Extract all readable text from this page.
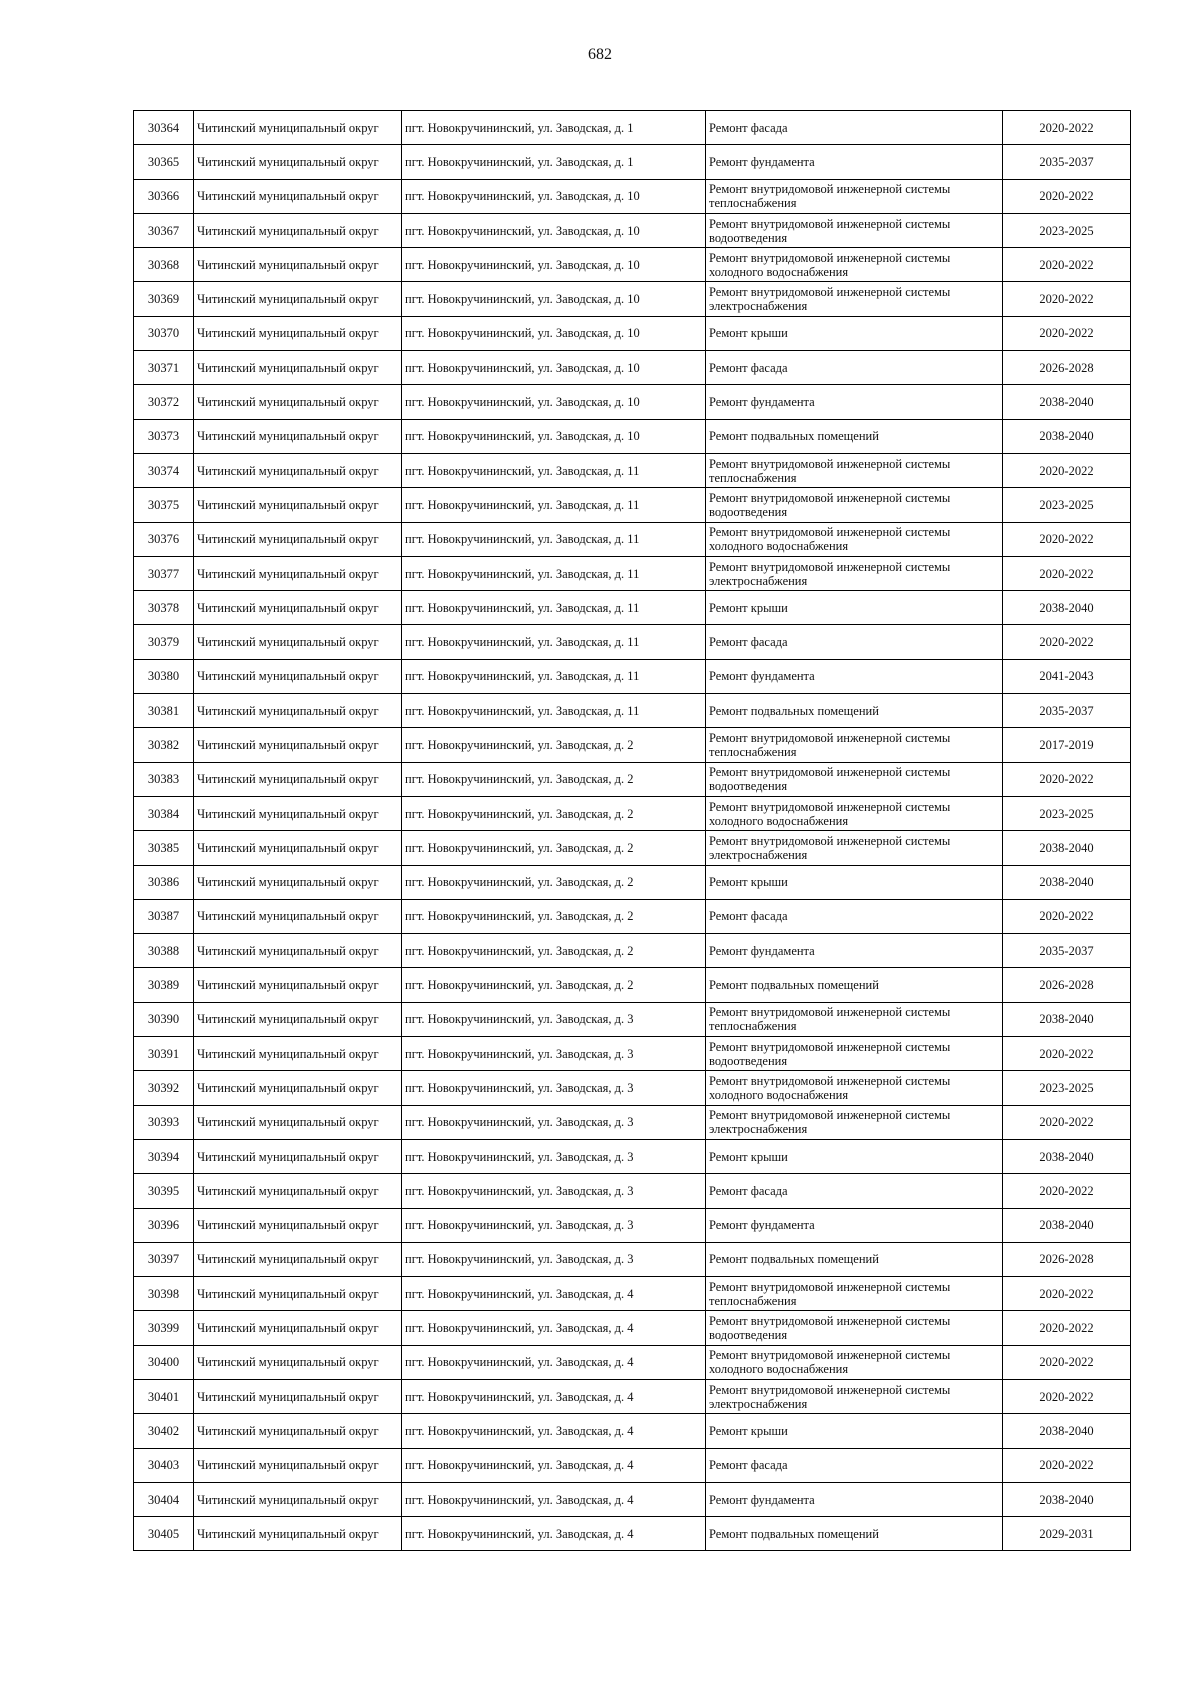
682
30364	Читинский муниципальный округ	пгт. Новокручининский, ул. Заводская, д. 1	Ремонт фасада	2020-2022
30365	Читинский муниципальный округ	пгт. Новокручининский, ул. Заводская, д. 1	Ремонт фундамента	2035-2037
30366	Читинский муниципальный округ	пгт. Новокручининский, ул. Заводская, д. 10	Ремонт внутридомовой инженерной системы теплоснабжения	2020-2022
30367	Читинский муниципальный округ	пгт. Новокручининский, ул. Заводская, д. 10	Ремонт внутридомовой инженерной системы водоотведения	2023-2025
30368	Читинский муниципальный округ	пгт. Новокручининский, ул. Заводская, д. 10	Ремонт внутридомовой инженерной системы холодного водоснабжения	2020-2022
30369	Читинский муниципальный округ	пгт. Новокручининский, ул. Заводская, д. 10	Ремонт внутридомовой инженерной системы электроснабжения	2020-2022
30370	Читинский муниципальный округ	пгт. Новокручининский, ул. Заводская, д. 10	Ремонт крыши	2020-2022
30371	Читинский муниципальный округ	пгт. Новокручининский, ул. Заводская, д. 10	Ремонт фасада	2026-2028
30372	Читинский муниципальный округ	пгт. Новокручининский, ул. Заводская, д. 10	Ремонт фундамента	2038-2040
30373	Читинский муниципальный округ	пгт. Новокручининский, ул. Заводская, д. 10	Ремонт подвальных помещений	2038-2040
30374	Читинский муниципальный округ	пгт. Новокручининский, ул. Заводская, д. 11	Ремонт внутридомовой инженерной системы теплоснабжения	2020-2022
30375	Читинский муниципальный округ	пгт. Новокручининский, ул. Заводская, д. 11	Ремонт внутридомовой инженерной системы водоотведения	2023-2025
30376	Читинский муниципальный округ	пгт. Новокручининский, ул. Заводская, д. 11	Ремонт внутридомовой инженерной системы холодного водоснабжения	2020-2022
30377	Читинский муниципальный округ	пгт. Новокручининский, ул. Заводская, д. 11	Ремонт внутридомовой инженерной системы электроснабжения	2020-2022
30378	Читинский муниципальный округ	пгт. Новокручининский, ул. Заводская, д. 11	Ремонт крыши	2038-2040
30379	Читинский муниципальный округ	пгт. Новокручининский, ул. Заводская, д. 11	Ремонт фасада	2020-2022
30380	Читинский муниципальный округ	пгт. Новокручининский, ул. Заводская, д. 11	Ремонт фундамента	2041-2043
30381	Читинский муниципальный округ	пгт. Новокручининский, ул. Заводская, д. 11	Ремонт подвальных помещений	2035-2037
30382	Читинский муниципальный округ	пгт. Новокручининский, ул. Заводская, д. 2	Ремонт внутридомовой инженерной системы теплоснабжения	2017-2019
30383	Читинский муниципальный округ	пгт. Новокручининский, ул. Заводская, д. 2	Ремонт внутридомовой инженерной системы водоотведения	2020-2022
30384	Читинский муниципальный округ	пгт. Новокручининский, ул. Заводская, д. 2	Ремонт внутридомовой инженерной системы холодного водоснабжения	2023-2025
30385	Читинский муниципальный округ	пгт. Новокручининский, ул. Заводская, д. 2	Ремонт внутридомовой инженерной системы электроснабжения	2038-2040
30386	Читинский муниципальный округ	пгт. Новокручининский, ул. Заводская, д. 2	Ремонт крыши	2038-2040
30387	Читинский муниципальный округ	пгт. Новокручининский, ул. Заводская, д. 2	Ремонт фасада	2020-2022
30388	Читинский муниципальный округ	пгт. Новокручининский, ул. Заводская, д. 2	Ремонт фундамента	2035-2037
30389	Читинский муниципальный округ	пгт. Новокручининский, ул. Заводская, д. 2	Ремонт подвальных помещений	2026-2028
30390	Читинский муниципальный округ	пгт. Новокручининский, ул. Заводская, д. 3	Ремонт внутридомовой инженерной системы теплоснабжения	2038-2040
30391	Читинский муниципальный округ	пгт. Новокручининский, ул. Заводская, д. 3	Ремонт внутридомовой инженерной системы водоотведения	2020-2022
30392	Читинский муниципальный округ	пгт. Новокручининский, ул. Заводская, д. 3	Ремонт внутридомовой инженерной системы холодного водоснабжения	2023-2025
30393	Читинский муниципальный округ	пгт. Новокручининский, ул. Заводская, д. 3	Ремонт внутридомовой инженерной системы электроснабжения	2020-2022
30394	Читинский муниципальный округ	пгт. Новокручининский, ул. Заводская, д. 3	Ремонт крыши	2038-2040
30395	Читинский муниципальный округ	пгт. Новокручининский, ул. Заводская, д. 3	Ремонт фасада	2020-2022
30396	Читинский муниципальный округ	пгт. Новокручининский, ул. Заводская, д. 3	Ремонт фундамента	2038-2040
30397	Читинский муниципальный округ	пгт. Новокручининский, ул. Заводская, д. 3	Ремонт подвальных помещений	2026-2028
30398	Читинский муниципальный округ	пгт. Новокручининский, ул. Заводская, д. 4	Ремонт внутридомовой инженерной системы теплоснабжения	2020-2022
30399	Читинский муниципальный округ	пгт. Новокручининский, ул. Заводская, д. 4	Ремонт внутридомовой инженерной системы водоотведения	2020-2022
30400	Читинский муниципальный округ	пгт. Новокручининский, ул. Заводская, д. 4	Ремонт внутридомовой инженерной системы холодного водоснабжения	2020-2022
30401	Читинский муниципальный округ	пгт. Новокручининский, ул. Заводская, д. 4	Ремонт внутридомовой инженерной системы электроснабжения	2020-2022
30402	Читинский муниципальный округ	пгт. Новокручининский, ул. Заводская, д. 4	Ремонт крыши	2038-2040
30403	Читинский муниципальный округ	пгт. Новокручининский, ул. Заводская, д. 4	Ремонт фасада	2020-2022
30404	Читинский муниципальный округ	пгт. Новокручининский, ул. Заводская, д. 4	Ремонт фундамента	2038-2040
30405	Читинский муниципальный округ	пгт. Новокручининский, ул. Заводская, д. 4	Ремонт подвальных помещений	2029-2031
